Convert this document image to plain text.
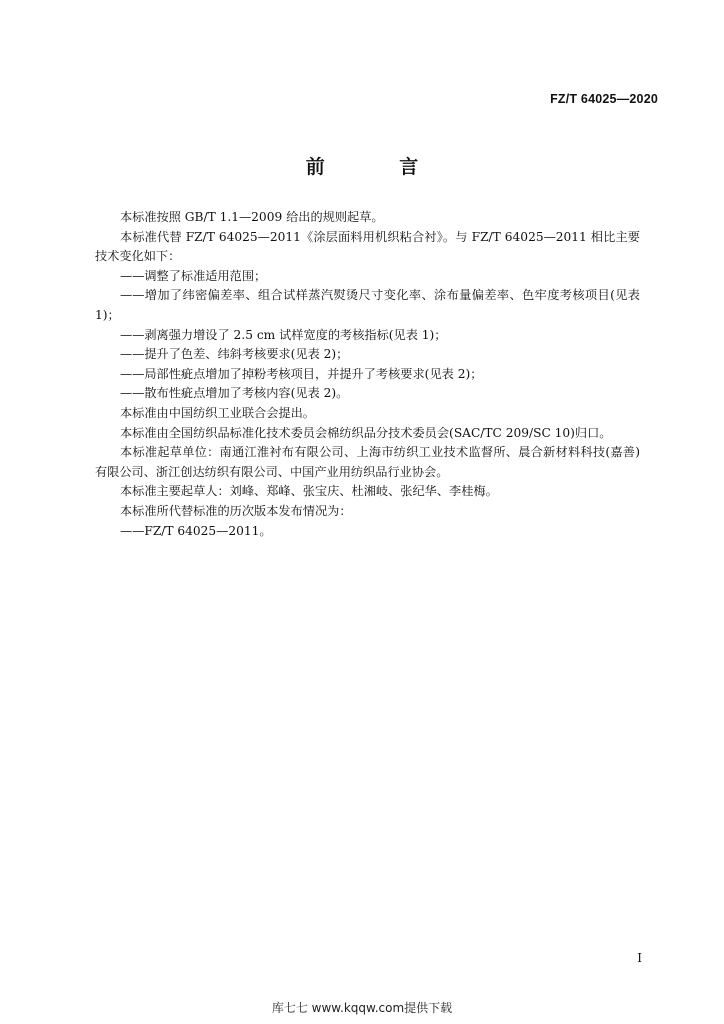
FZ/T 64025—2020
前 言

本标准按照 GB/T 1.1—2009 给出的规则起草。

本标准代替 FZ/T 64025—2011《涂层面料用机织粘合衬》。与 FZ/T 64025—2011 相比主要技术变化如下：

——调整了标准适用范围；

——增加了纬密偏差率、组合试样蒸汽熨烫尺寸变化率、涂布量偏差率、色牢度考核项目(见表 1)；

——剥离强力增设了 2.5 cm 试样宽度的考核指标(见表 1)；

——提升了色差、纬斜考核要求(见表 2)；

——局部性疵点增加了掉粉考核项目，并提升了考核要求(见表 2)；

——散布性疵点增加了考核内容(见表 2)。

本标准由中国纺织工业联合会提出。

本标准由全国纺织品标准化技术委员会棉纺织品分技术委员会(SAC/TC 209/SC 10)归口。

本标准起草单位：南通江淮衬布有限公司、上海市纺织工业技术监督所、晨合新材料科技(嘉善)有限公司、浙江创达纺织有限公司、中国产业用纺织品行业协会。

本标准主要起草人：刘峰、郑峰、张宝庆、杜湘岐、张纪华、李桂梅。

本标准所代替标准的历次版本发布情况为：

——FZ/T 64025—2011。

I
库七七 www.kqqw.com提供下载
